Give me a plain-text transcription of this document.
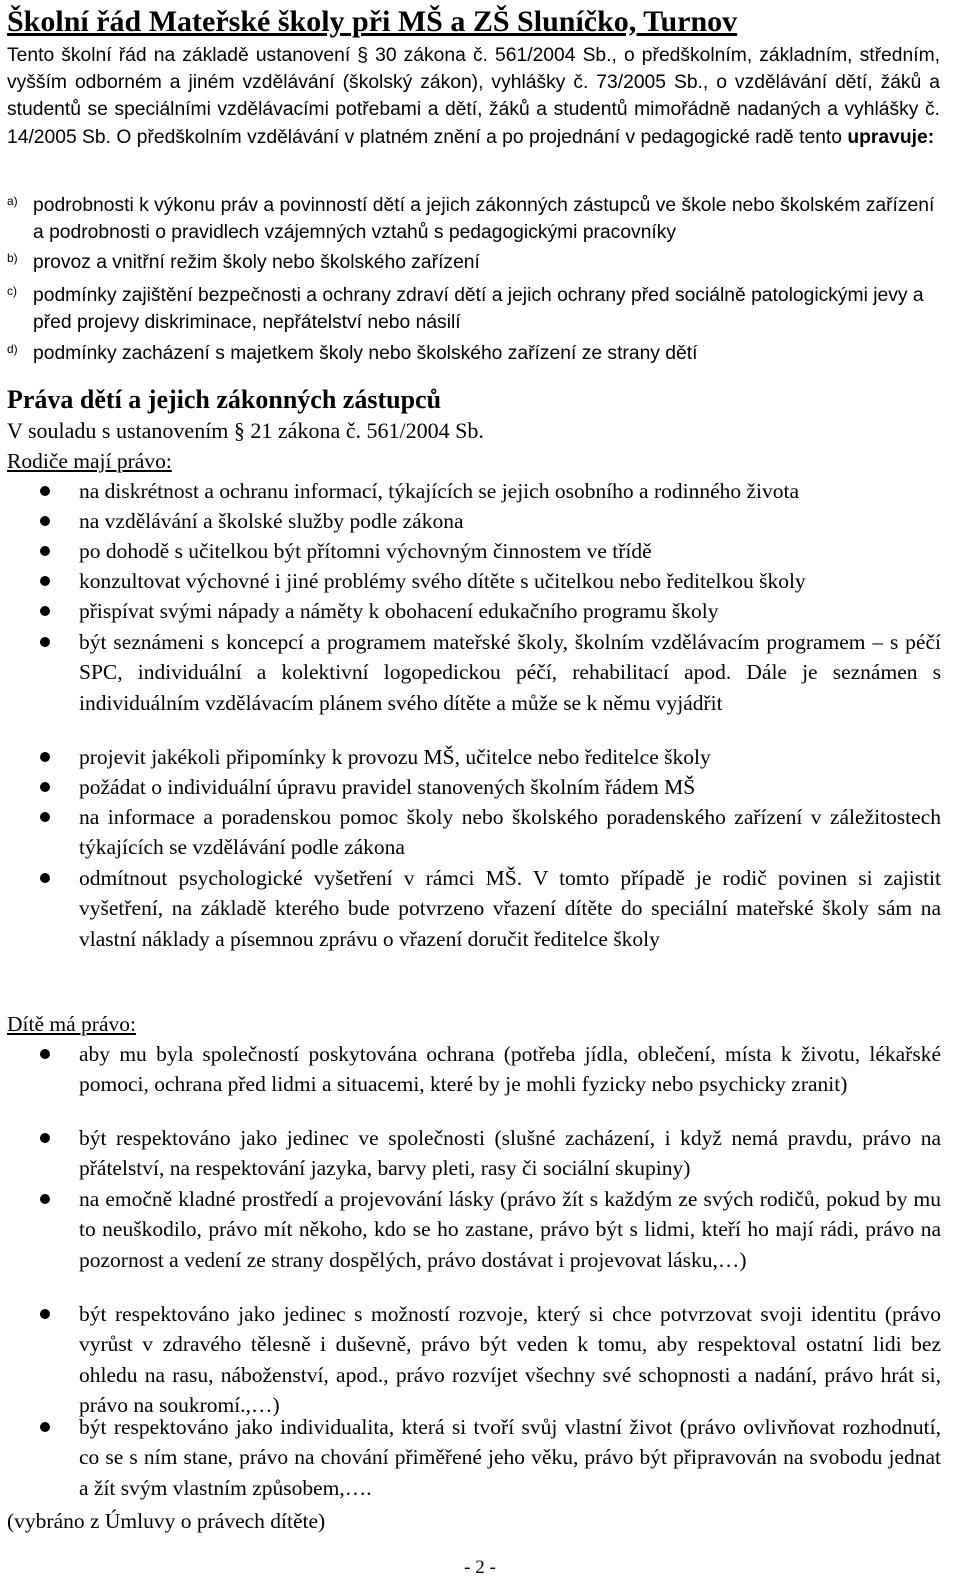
Školní řád Mateřské školy při MŠ a ZŠ Sluníčko, Turnov
Tento školní řád na základě ustanovení § 30 zákona č. 561/2004 Sb., o předškolním, základním, středním, vyšším odborném a jiném vzdělávání (školský zákon), vyhlášky č. 73/2005 Sb., o vzdělávání dětí, žáků a studentů se speciálními vzdělávacími potřebami a dětí, žáků a studentů mimořádně nadaných a vyhlášky č. 14/2005 Sb. O předškolním vzdělávání v platném znění a po projednání v pedagogické radě tento upravuje:
a) podrobnosti k výkonu práv a povinností dětí a jejich zákonných zástupců ve škole nebo školském zařízení a podrobnosti o pravidlech vzájemných vztahů s pedagogickými pracovníky
b) provoz a vnitřní režim školy nebo školského zařízení
c) podmínky zajištění bezpečnosti a ochrany zdraví dětí a jejich ochrany před sociálně patologickými jevy a před projevy diskriminace, nepřátelství nebo násilí
d) podmínky zacházení s majetkem školy nebo školského zařízení ze strany dětí
Práva dětí a jejich zákonných zástupců
V souladu s ustanovením § 21 zákona č. 561/2004 Sb.
Rodiče mají právo:
na diskrétnost a ochranu informací, týkajících se jejich osobního a rodinného života
na vzdělávání a školské služby podle zákona
po dohodě s učitelkou být přítomni výchovným činnostem ve třídě
konzultovat výchovné i jiné problémy svého dítěte s učitelkou nebo ředitelkou školy
přispívat svými nápady a náměty k obohacení edukačního programu školy
být seznámeni s koncepcí a programem mateřské školy, školním vzdělávacím programem – s péčí SPC, individuální a kolektivní logopedickou péčí, rehabilitací apod. Dále je seznámen s individuálním vzdělávacím plánem svého dítěte a může se k němu vyjádřit
projevit jakékoli připomínky k provozu MŠ, učitelce nebo ředitelce školy
požádat o individuální úpravu pravidel stanovených školním řádem MŠ
na informace a poradenskou pomoc školy nebo školského poradenského zařízení v záležitostech týkajících se vzdělávání podle zákona
odmítnout psychologické vyšetření v rámci MŠ. V tomto případě je rodič povinen si zajistit vyšetření, na základě kterého bude potvrzeno vřazení dítěte do speciální mateřské školy sám na vlastní náklady a písemnou zprávu o vřazení doručit ředitelce školy
Dítě má právo:
aby mu byla společností poskytována ochrana (potřeba jídla, oblečení, místa k životu, lékařské pomoci, ochrana před lidmi a situacemi, které by je mohli fyzicky nebo psychicky zranit)
být respektováno jako jedinec ve společnosti (slušné zacházení, i když nemá pravdu, právo na přátelství, na respektování jazyka, barvy pleti, rasy či sociální skupiny)
na emočně kladné prostředí a projevování lásky (právo žít s každým ze svých rodičů, pokud by mu to neuškodilo, právo mít někoho, kdo se ho zastane, právo být s lidmi, kteří ho mají rádi, právo na pozornost a vedení ze strany dospělých, právo dostávat i projevovat lásku,…)
být respektováno jako jedinec s možností rozvoje, který si chce potvrzovat svoji identitu (právo vyrůst v zdravého tělesně i duševně, právo být veden k tomu, aby respektoval ostatní lidi bez ohledu na rasu, náboženství, apod., právo rozvíjet všechny své schopnosti a nadání, právo hrát si, právo na soukromí.,…)
být respektováno jako individualita, která si tvoří svůj vlastní život (právo ovlivňovat rozhodnutí, co se s ním stane, právo na chování přiměřené jeho věku, právo být připravován na svobodu jednat a žít svým vlastním způsobem,….
(vybráno z Úmluvy o právech dítěte)
- 2 -
